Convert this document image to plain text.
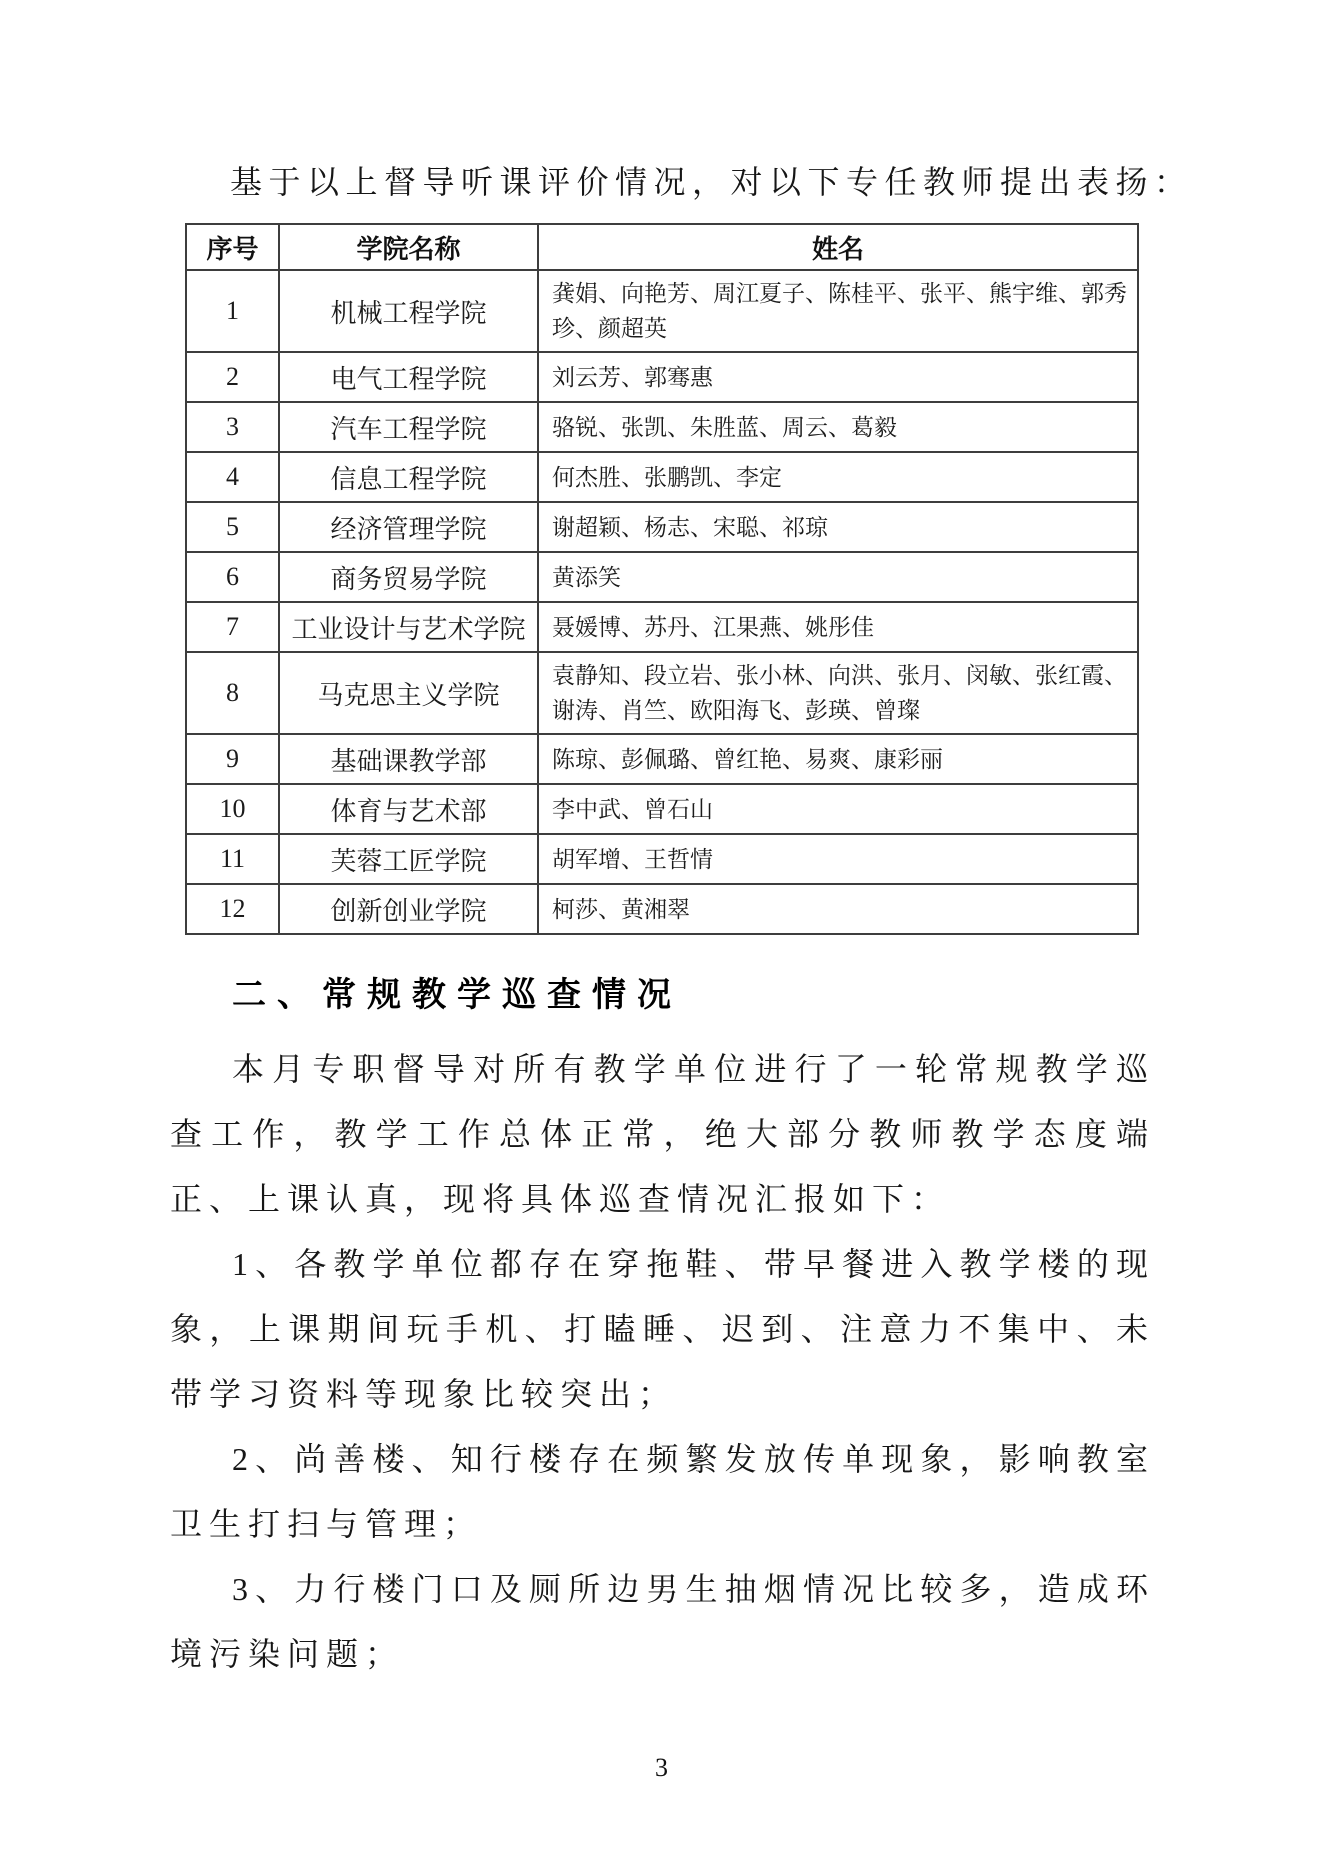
基于以上督导听课评价情况，对以下专任教师提出表扬：

序号	学院名称	姓名
1	机械工程学院	龚娟、向艳芳、周江夏子、陈桂平、张平、熊宇维、郭秀珍、颜超英
2	电气工程学院	刘云芳、郭骞惠
3	汽车工程学院	骆锐、张凯、朱胜蓝、周云、葛毅
4	信息工程学院	何杰胜、张鹏凯、李定
5	经济管理学院	谢超颖、杨志、宋聪、祁琼
6	商务贸易学院	黄添笑
7	工业设计与艺术学院	聂媛博、苏丹、江果燕、姚彤佳
8	马克思主义学院	袁静知、段立岩、张小林、向洪、张月、闵敏、张红霞、谢涛、肖竺、欧阳海飞、彭瑛、曾璨
9	基础课教学部	陈琼、彭佩璐、曾红艳、易爽、康彩丽
10	体育与艺术部	李中武、曾石山
11	芙蓉工匠学院	胡军增、王哲情
12	创新创业学院	柯莎、黄湘翠
二、常规教学巡查情况

本月专职督导对所有教学单位进行了一轮常规教学巡查工作，教学工作总体正常，绝大部分教师教学态度端正、上课认真，现将具体巡查情况汇报如下：

1、各教学单位都存在穿拖鞋、带早餐进入教学楼的现象，上课期间玩手机、打瞌睡、迟到、注意力不集中、未带学习资料等现象比较突出；

2、尚善楼、知行楼存在频繁发放传单现象，影响教室卫生打扫与管理；

3、力行楼门口及厕所边男生抽烟情况比较多，造成环境污染问题；

3
